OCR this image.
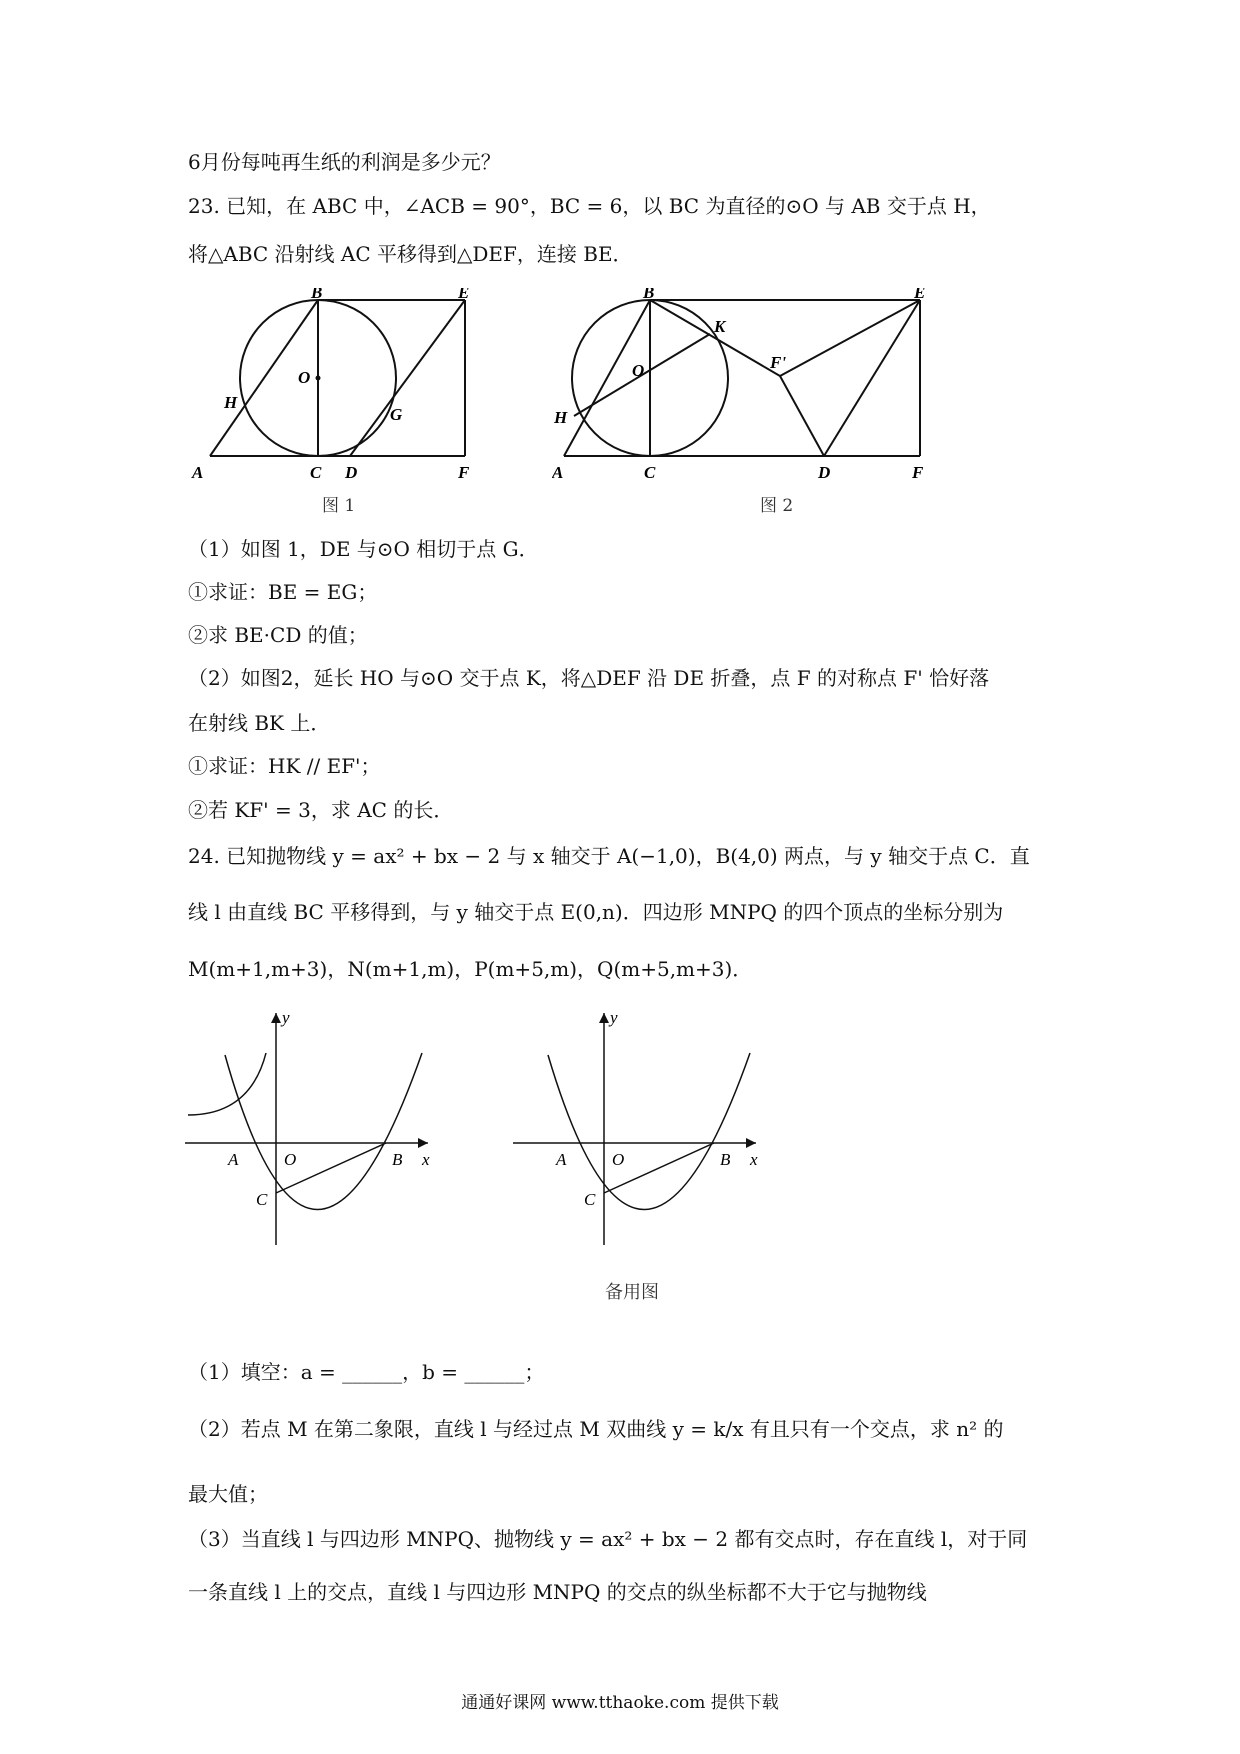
6月份每吨再生纸的利润是多少元？
23. 已知，在 ABC 中，∠ACB = 90°，BC = 6，以 BC 为直径的⊙O 与 AB 交于点 H，
将△ABC 沿射线 AC 平移得到△DEF，连接 BE．
B	E
O
H
G
A	C D	F
图 1
B	E
K
O	F'
H
A	C	D	F
图 2
（1）如图 1，DE 与⊙O 相切于点 G．
①求证：BE = EG；
②求 BE·CD 的值；
（2）如图2，延长 HO 与⊙O 交于点 K，将△DEF 沿 DE 折叠，点 F 的对称点 F' 恰好落
在射线 BK 上．
①求证：HK // EF'；
②若 KF' = 3，求 AC 的长．
24. 已知抛物线 y = ax² + bx − 2 与 x 轴交于 A(−1,0)，B(4,0) 两点，与 y 轴交于点 C．直
线 l 由直线 BC 平移得到，与 y 轴交于点 E(0,n)．四边形 MNPQ 的四个顶点的坐标分别为
M(m+1,m+3)，N(m+1,m)，P(m+5,m)，Q(m+5,m+3)．
y
x
A	O	B
C
y
x
A	O	B
C
备用图
（1）填空：a = ______，b = ______；
（2）若点 M 在第二象限，直线 l 与经过点 M 双曲线 y = k/x 有且只有一个交点，求 n² 的
最大值；
（3）当直线 l 与四边形 MNPQ、抛物线 y = ax² + bx − 2 都有交点时，存在直线 l，对于同
一条直线 l 上的交点，直线 l 与四边形 MNPQ 的交点的纵坐标都不大于它与抛物线
通通好课网 www.tthaoke.com 提供下载
